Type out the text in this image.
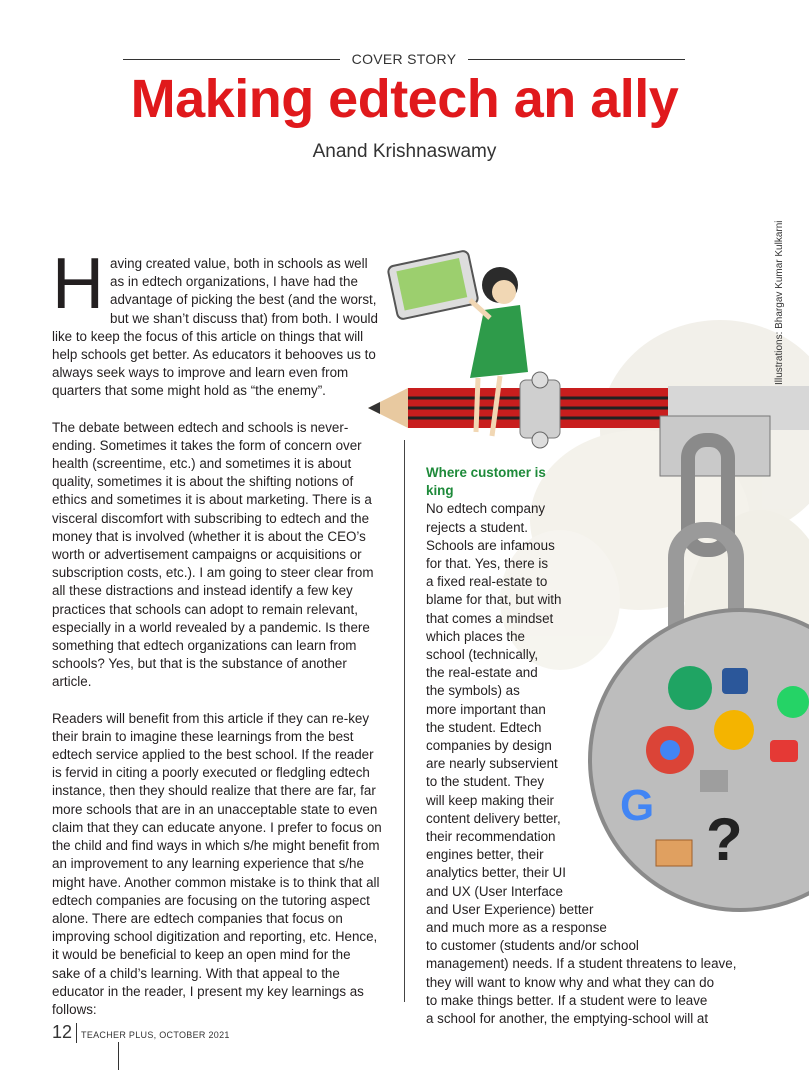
COVER STORY
Making edtech an ally
Anand Krishnaswamy
G
?
Illustrations: Bhargav Kumar Kulkarni

Having created value, both in schools as well as in edtech organizations, I have had the advantage of picking the best (and the worst, but we shan’t discuss that) from both. I would like to keep the focus of this article on things that will help schools get better. As educators it behooves us to always seek ways to improve and learn even from quarters that some might hold as “the enemy”.

The debate between edtech and schools is never-ending. Sometimes it takes the form of concern over health (screentime, etc.) and sometimes it is about quality, sometimes it is about the shifting notions of ethics and sometimes it is about marketing. There is a visceral discomfort with subscribing to edtech and the money that is involved (whether it is about the CEO’s worth or advertisement campaigns or acquisitions or subscription costs, etc.). I am going to steer clear from all these distractions and instead identify a few key practices that schools can adopt to remain relevant, especially in a world revealed by a pandemic. Is there something that edtech organizations can learn from schools? Yes, but that is the substance of another article.

Readers will benefit from this article if they can re-key their brain to imagine these learnings from the best edtech service applied to the best school. If the reader is fervid in citing a poorly executed or fledgling edtech instance, then they should realize that there are far, far more schools that are in an unacceptable state to even claim that they can educate anyone. I prefer to focus on the child and find ways in which s/he might benefit from an improvement to any learning experience that s/he might have. Another common mistake is to think that all edtech companies are focusing on the tutoring aspect alone. There are edtech companies that focus on improving school digitization and reporting, etc. Hence, it would be beneficial to keep an open mind for the sake of a child’s learning. With that appeal to the educator in the reader, I present my key learnings as follows:

Where customer is
king
No edtech company
rejects a student.
Schools are infamous
for that. Yes, there is
a fixed real-estate to
blame for that, but with
that comes a mindset
which places the
school (technically,
the real-estate and
the symbols) as
more important than
the student. Edtech
companies by design
are nearly subservient
to the student. They
will keep making their
content delivery better,
their recommendation
engines better, their
analytics better, their UI
and UX (User Interface
and User Experience) better
and much more as a response
to customer (students and/or school
management) needs. If a student threatens to leave,
they will want to know why and what they can do
to make things better. If a student were to leave
a school for another, the emptying-school will at
12 TEACHER PLUS, OCTOBER 2021
